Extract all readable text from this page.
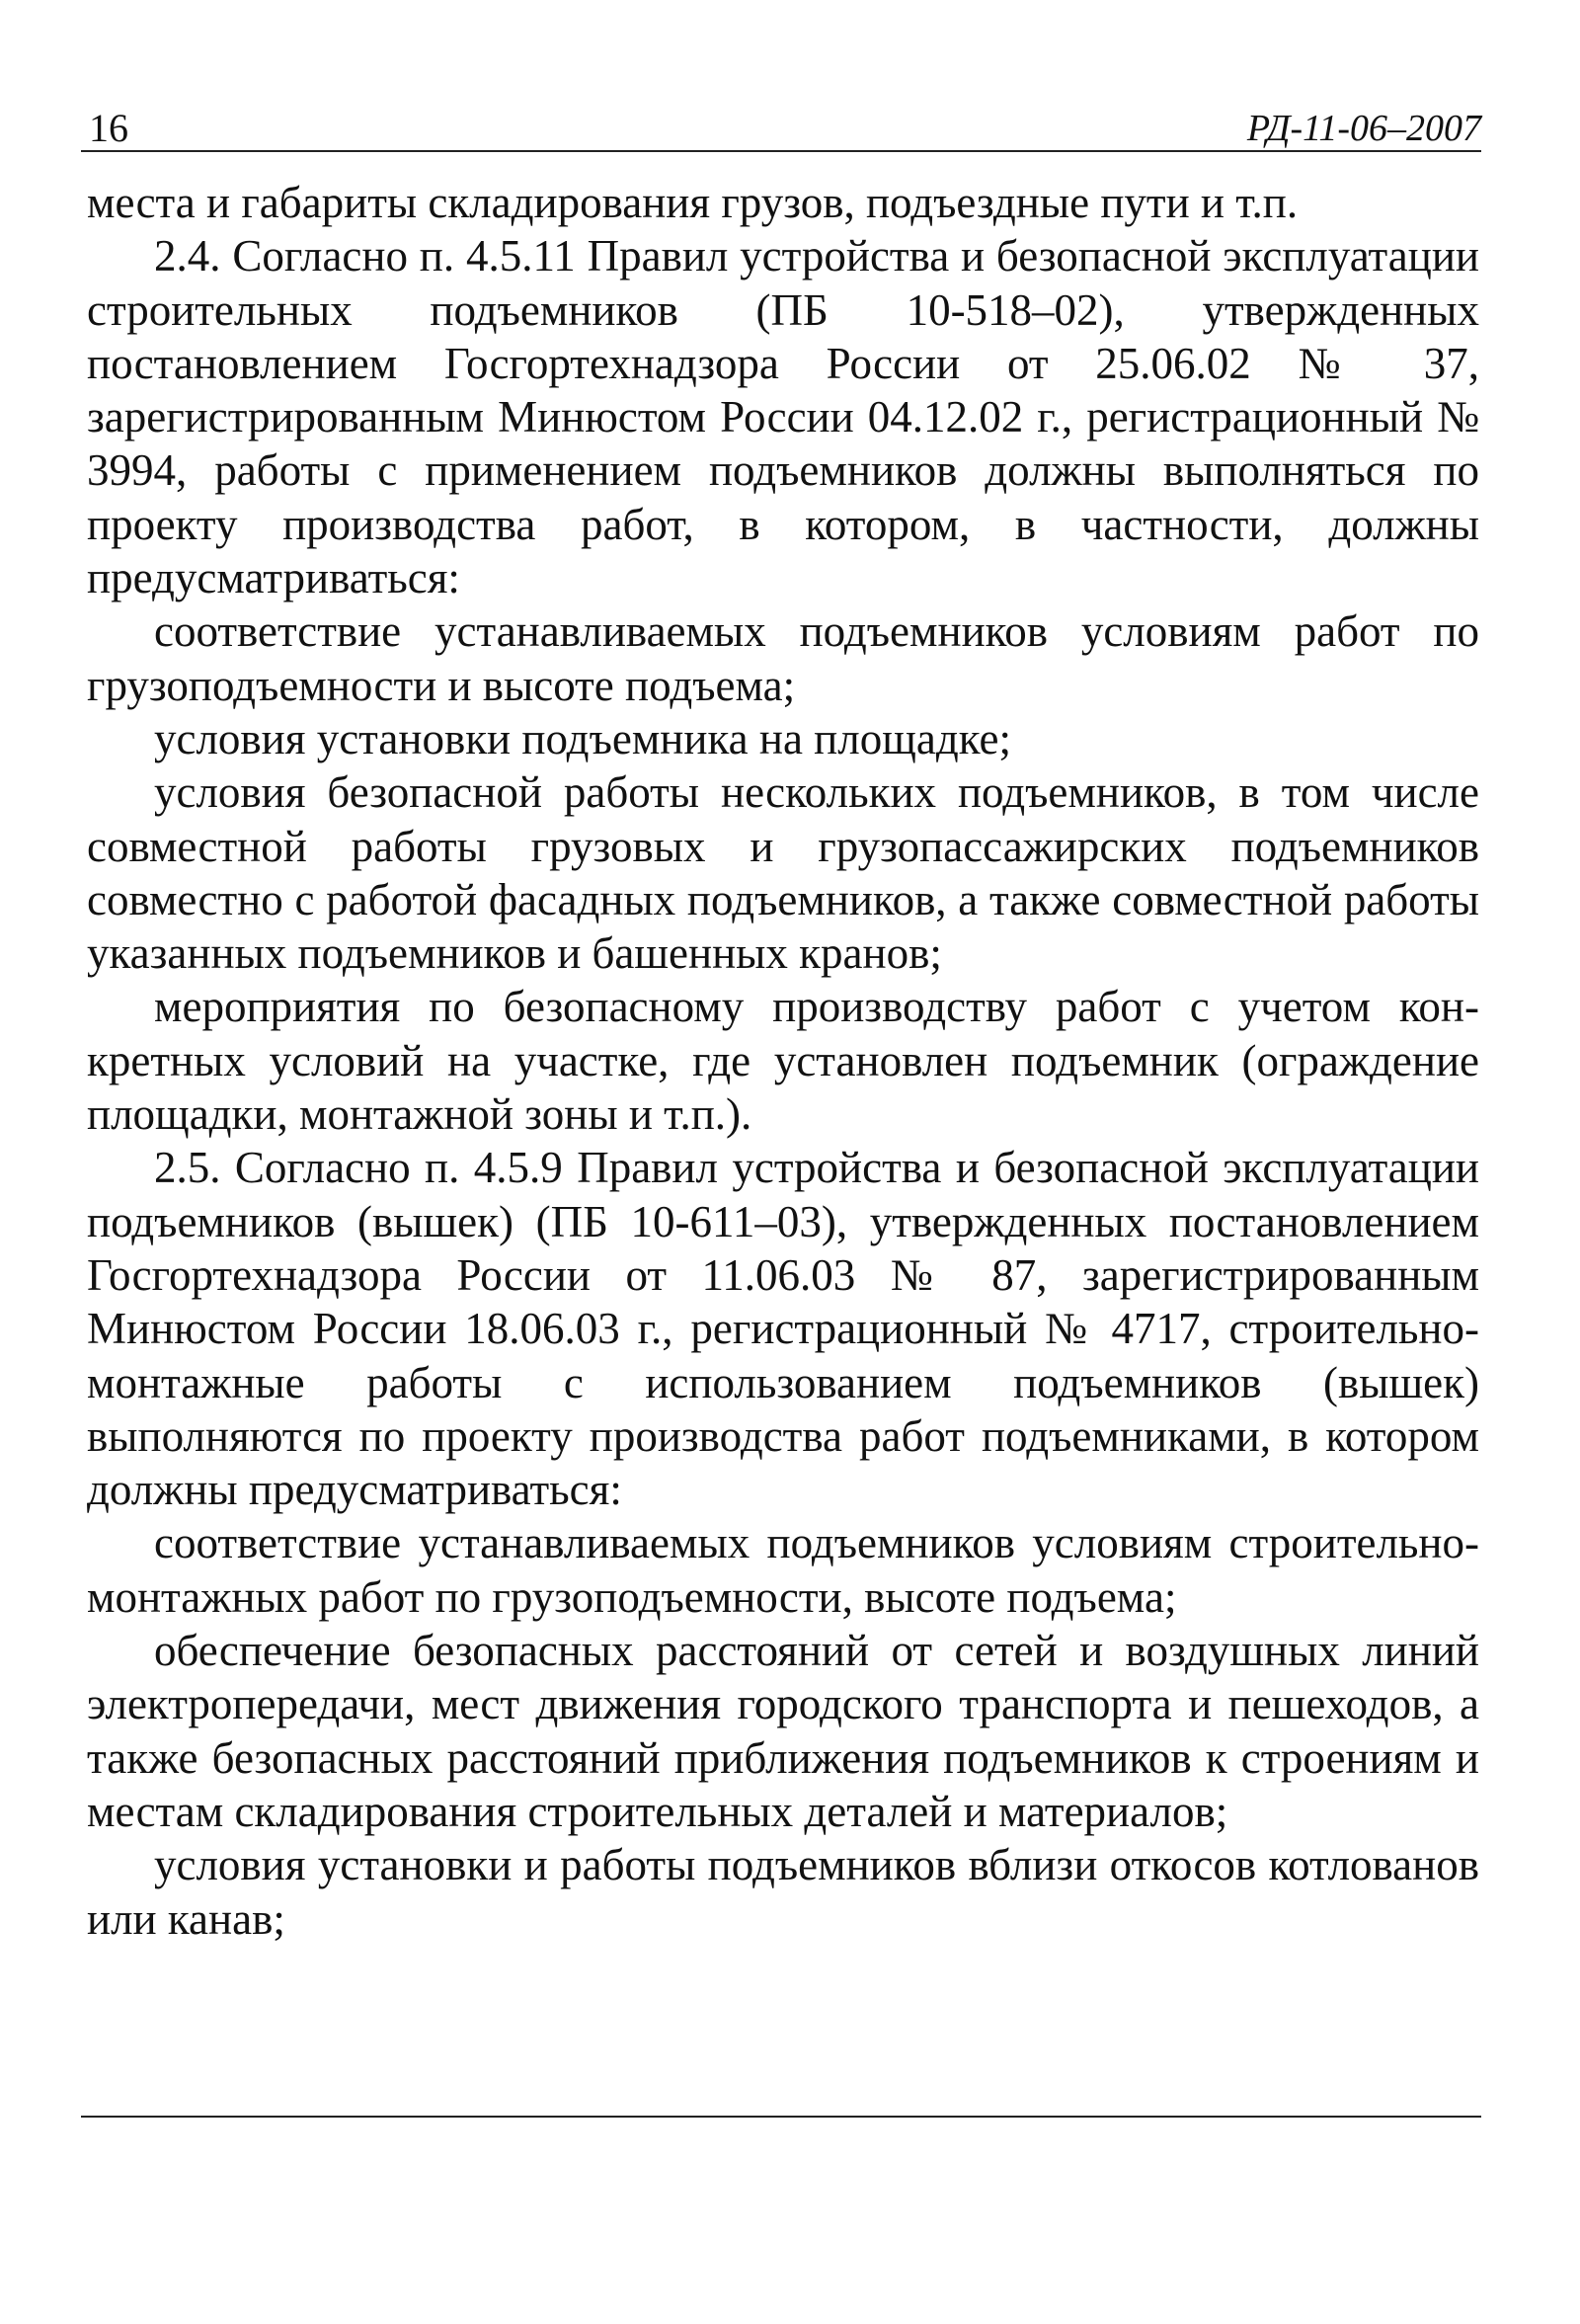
16	РД-11-06–2007

места и габариты складирования грузов, подъездные пути и т.п.

2.4. Согласно п. 4.5.11 Правил устройства и безопасной эксплуатации строительных подъемников (ПБ 10-518–02), утвержденных постановлением Госгортехнадзора России от 25.06.02 № 37, зарегистрированным Минюстом России 04.12.02 г., регистрационный № 3994, работы с применением подъемников должны выполняться по проекту производства работ, в котором, в частности, должны предусматриваться:

соответствие устанавливаемых подъемников условиям работ по грузоподъемности и высоте подъема;

условия установки подъемника на площадке;

условия безопасной работы нескольких подъемников, в том числе совместной работы грузовых и грузопассажирских подъемников совместно с работой фасадных подъемников, а также совместной работы указанных подъемников и башенных кранов;

мероприятия по безопасному производству работ с учетом конкретных условий на участке, где установлен подъемник (ограждение площадки, монтажной зоны и т.п.).

2.5. Согласно п. 4.5.9 Правил устройства и безопасной эксплуатации подъемников (вышек) (ПБ 10-611–03), утвержденных постановлением Госгортехнадзора России от 11.06.03 № 87, зарегистрированным Минюстом России 18.06.03 г., регистрационный № 4717, строительно-монтажные работы с использованием подъемников (вышек) выполняются по проекту производства работ подъемниками, в котором должны предусматриваться:

соответствие устанавливаемых подъемников условиям строительно-монтажных работ по грузоподъемности, высоте подъема;

обеспечение безопасных расстояний от сетей и воздушных линий электропередачи, мест движения городского транспорта и пешеходов, а также безопасных расстояний приближения подъемников к строениям и местам складирования строительных деталей и материалов;

условия установки и работы подъемников вблизи откосов котлованов или канав;
